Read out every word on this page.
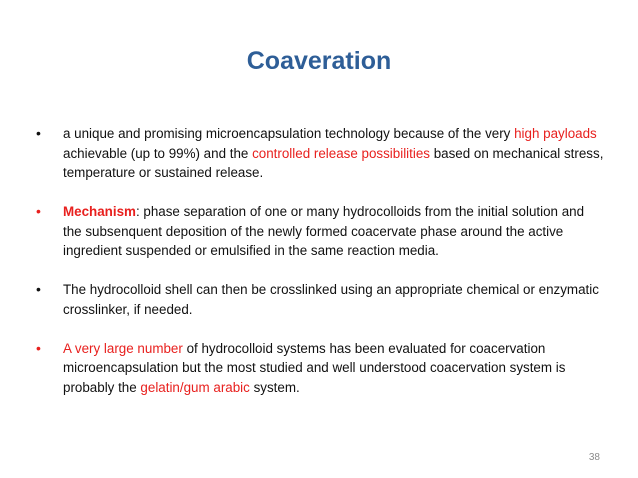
Coaveration
• a unique and promising microencapsulation technology because of the very high payloads achievable (up to 99%) and the controlled release possibilities based on mechanical stress, temperature or sustained release.
• Mechanism: phase separation of one or many hydrocolloids from the initial solution and the subsenquent deposition of the newly formed coacervate phase around the active ingredient suspended or emulsified in the same reaction media.
• The hydrocolloid shell can then be crosslinked using an appropriate chemical or enzymatic crosslinker, if needed.
• A very large number of hydrocolloid systems has been evaluated for coacervation microencapsulation but the most studied and well understood coacervation system is probably the gelatin/gum arabic system.
38
